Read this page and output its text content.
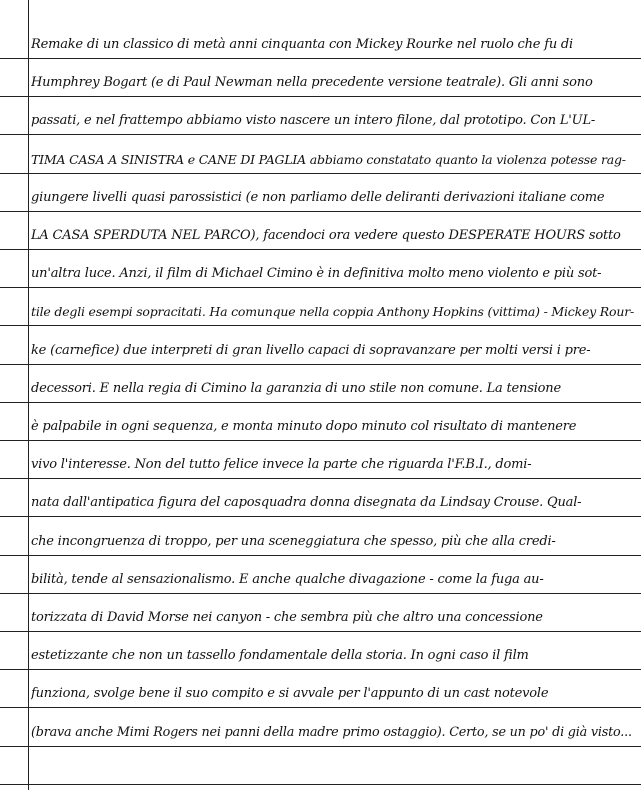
Remake di un classico di metà anni cinquanta con Mickey Rourke nel ruolo che fu di
Humphrey Bogart (e di Paul Newman nella precedente versione teatrale). Gli anni sono
passati, e nel frattempo abbiamo visto nascere un intero filone, dal prototipo. Con L'UL-
TIMA CASA A SINISTRA e CANE DI PAGLIA abbiamo constatato quanto la violenza potesse rag-
giungere livelli quasi parossistici (e non parliamo delle deliranti derivazioni italiane come
LA CASA SPERDUTA NEL PARCO), facendoci ora vedere questo DESPERATE HOURS sotto
un'altra luce. Anzi, il film di Michael Cimino è in definitiva molto meno violento e più sot-
tile degli esempi sopracitati. Ha comunque nella coppia Anthony Hopkins (vittima) - Mickey Rour-
ke (carnefice) due interpreti di gran livello capaci di sopravanzare per molti versi i pre-
decessori. E nella regia di Cimino la garanzia di uno stile non comune. La tensione
è palpabile in ogni sequenza, e monta minuto dopo minuto col risultato di mantenere
vivo l'interesse. Non del tutto felice invece la parte che riguarda l'F.B.I., domi-
nata dall'antipatica figura del caposquadra donna disegnata da Lindsay Crouse. Qual-
che incongruenza di troppo, per una sceneggiatura che spesso, più che alla credi-
bilità, tende al sensazionalismo. E anche qualche divagazione - come la fuga au-
torizzata di David Morse nei canyon - che sembra più che altro una concessione
estetizzante che non un tassello fondamentale della storia. In ogni caso il film
funziona, svolge bene il suo compito e si avvale per l'appunto di un cast notevole
(brava anche Mimi Rogers nei panni della madre primo ostaggio). Certo, se un po' di già visto...
